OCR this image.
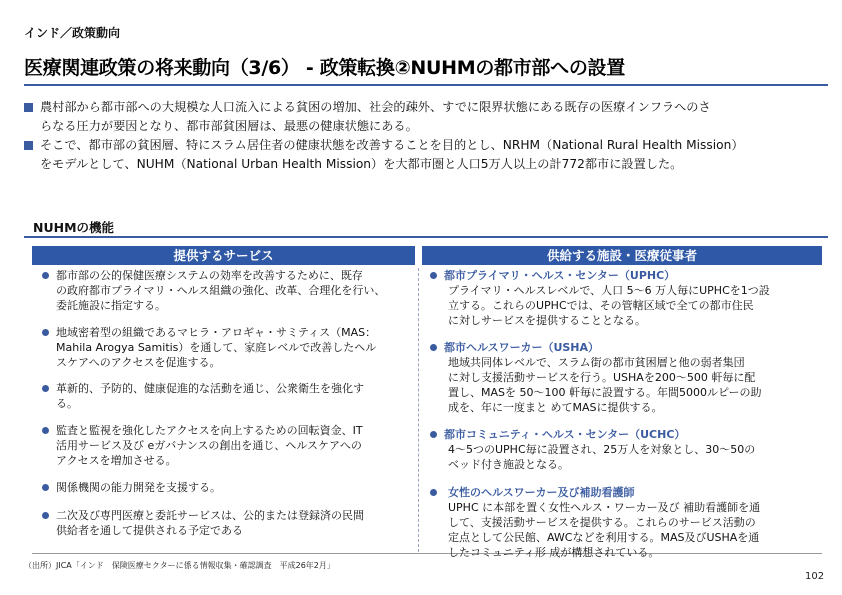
インド／政策動向
医療関連政策の将来動向（3/6） - 政策転換②NUHMの都市部への設置
農村部から都市部への大規模な人口流入による貧困の増加、社会的疎外、すでに限界状態にある既存の医療インフラへのさ
らなる圧力が要因となり、都市部貧困層は、最悪の健康状態にある。
そこで、都市部の貧困層、特にスラム居住者の健康状態を改善することを目的とし、NRHM（National Rural Health Mission）
をモデルとして、NUHM（National Urban Health Mission）を大都市圏と人口5万人以上の計772都市に設置した。
NUHMの機能
提供するサービス	供給する施設・医療従事者
都市部の公的保健医療システムの効率を改善するために、既存
の政府都市プライマリ・ヘルス組織の強化、改革、合理化を行い、
委託施設に指定する。
地域密着型の組織であるマヒラ・アロギャ・サミティス（MAS：
Mahila Arogya Samitis）を通して、家庭レベルで改善したヘル
スケアへのアクセスを促進する。
革新的、予防的、健康促進的な活動を通じ、公衆衛生を強化す
る。
監査と監視を強化したアクセスを向上するための回転資金、IT
活用サービス及び eガバナンスの創出を通じ、ヘルスケアへの
アクセスを増加させる。
関係機関の能力開発を支援する。
二次及び専門医療と委託サービスは、公的または登録済の民間
供給者を通して提供される予定である
都市プライマリ・ヘルス・センター（UPHC）
プライマリ・ヘルスレベルで、人口 5～6 万人毎にUPHCを1つ設
立する。これらのUPHCでは、その管轄区域で全ての都市住民
に対しサービスを提供することとなる。
都市ヘルスワーカー（USHA）
地域共同体レベルで、スラム街の都市貧困層と他の弱者集団
に対し支援活動サービスを行う。USHAを200～500 軒毎に配
置し、MASを 50～100 軒毎に設置する。年間5000ルピーの助
成を、年に一度まと めてMASに提供する。
都市コミュニティ・ヘルス・センター（UCHC）
4～5つのUPHC毎に設置され、25万人を対象とし、30～50の
ベッド付き施設となる。
女性のヘルスワーカー及び補助看護師
UPHC に本部を置く女性ヘルス・ワーカー及び 補助看護師を通
して、支援活動サービスを提供する。これらのサービス活動の
定点として公民館、AWCなどを利用する。MAS及びUSHAを通
したコミュニティ形 成が構想されている。
（出所）JICA「インド　保険医療セクターに係る情報収集・確認調査　平成26年2月」
102
